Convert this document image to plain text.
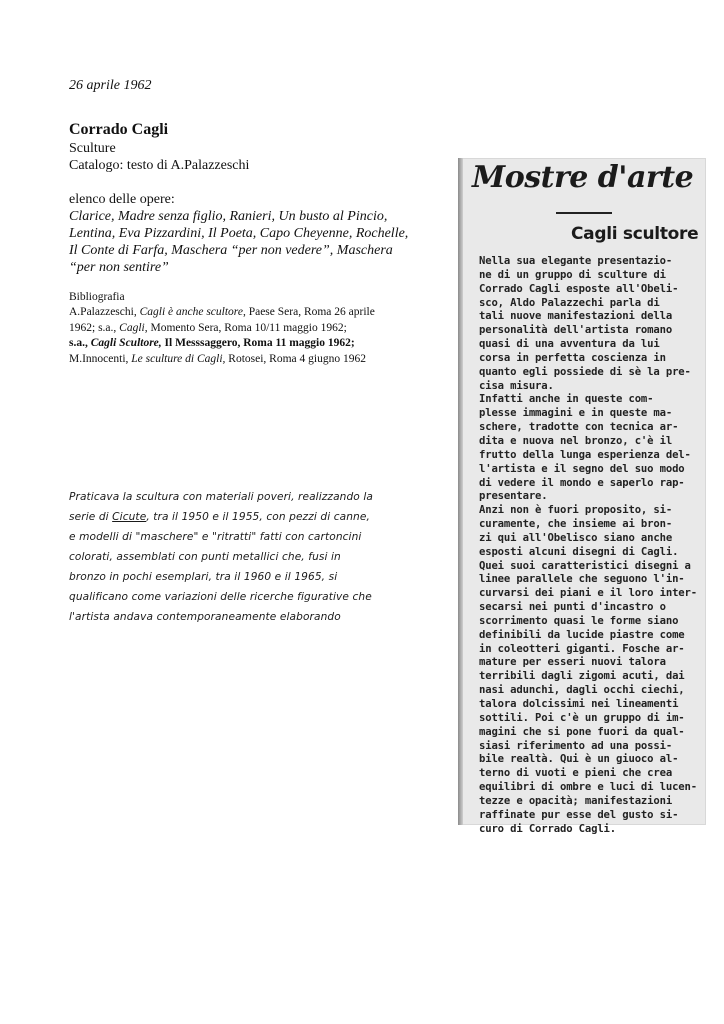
26 aprile 1962
Corrado Cagli
Sculture
Catalogo: testo di A.Palazzeschi
elenco delle opere:
Clarice, Madre senza figlio, Ranieri, Un busto al Pincio, Lentina, Eva Pizzardini, Il Poeta, Capo Cheyenne, Rochelle, Il Conte di Farfa, Maschera “per non vedere”, Maschera “per non sentire”
Bibliografia
A.Palazzeschi, Cagli è anche scultore, Paese Sera, Roma 26 aprile
1962; s.a., Cagli, Momento Sera, Roma 10/11 maggio 1962;
s.a., Cagli Scultore, Il Messsaggero, Roma 11 maggio 1962;
M.Innocenti, Le sculture di Cagli, Rotosei, Roma 4 giugno 1962
Praticava la scultura con materiali poveri, realizzando la
serie di Cicute, tra il 1950 e il 1955, con pezzi di canne,
e modelli di "maschere" e "ritratti" fatti con cartoncini
colorati, assemblati con punti metallici che, fusi in
bronzo in pochi esemplari, tra il 1960 e il 1965, si
qualificano come variazioni delle ricerche figurative che
l'artista andava contemporaneamente elaborando
Mostre d'arte
Cagli scultore
Nella sua elegante presentazio-
ne di un gruppo di sculture di
Corrado Cagli esposte all'Obeli-
sco, Aldo Palazzechi parla di
tali nuove manifestazioni della
personalità dell'artista romano
quasi di una avventura da lui
corsa in perfetta coscienza in
quanto egli possiede di sè la pre-
cisa misura.
Infatti anche in queste com-
plesse immagini e in queste ma-
schere, tradotte con tecnica ar-
dita e nuova nel bronzo, c'è il
frutto della lunga esperienza del-
l'artista e il segno del suo modo
di vedere il mondo e saperlo rap-
presentare.
Anzi non è fuori proposito, si-
curamente, che insieme ai bron-
zi qui all'Obelisco siano anche
esposti alcuni disegni di Cagli.
Quei suoi caratteristici disegni a
linee parallele che seguono l'in-
curvarsi dei piani e il loro inter-
secarsi nei punti d'incastro o
scorrimento quasi le forme siano
definibili da lucide piastre come
in coleotteri giganti. Fosche ar-
mature per esseri nuovi talora
terribili dagli zigomi acuti, dai
nasi adunchi, dagli occhi ciechi,
talora dolcissimi nei lineamenti
sottili. Poi c'è un gruppo di im-
magini che si pone fuori da qual-
siasi riferimento ad una possi-
bile realtà. Qui è un giuoco al-
terno di vuoti e pieni che crea
equilibri di ombre e luci di lucen-
tezze e opacità; manifestazioni
raffinate pur esse del gusto si-
curo di Corrado Cagli.
